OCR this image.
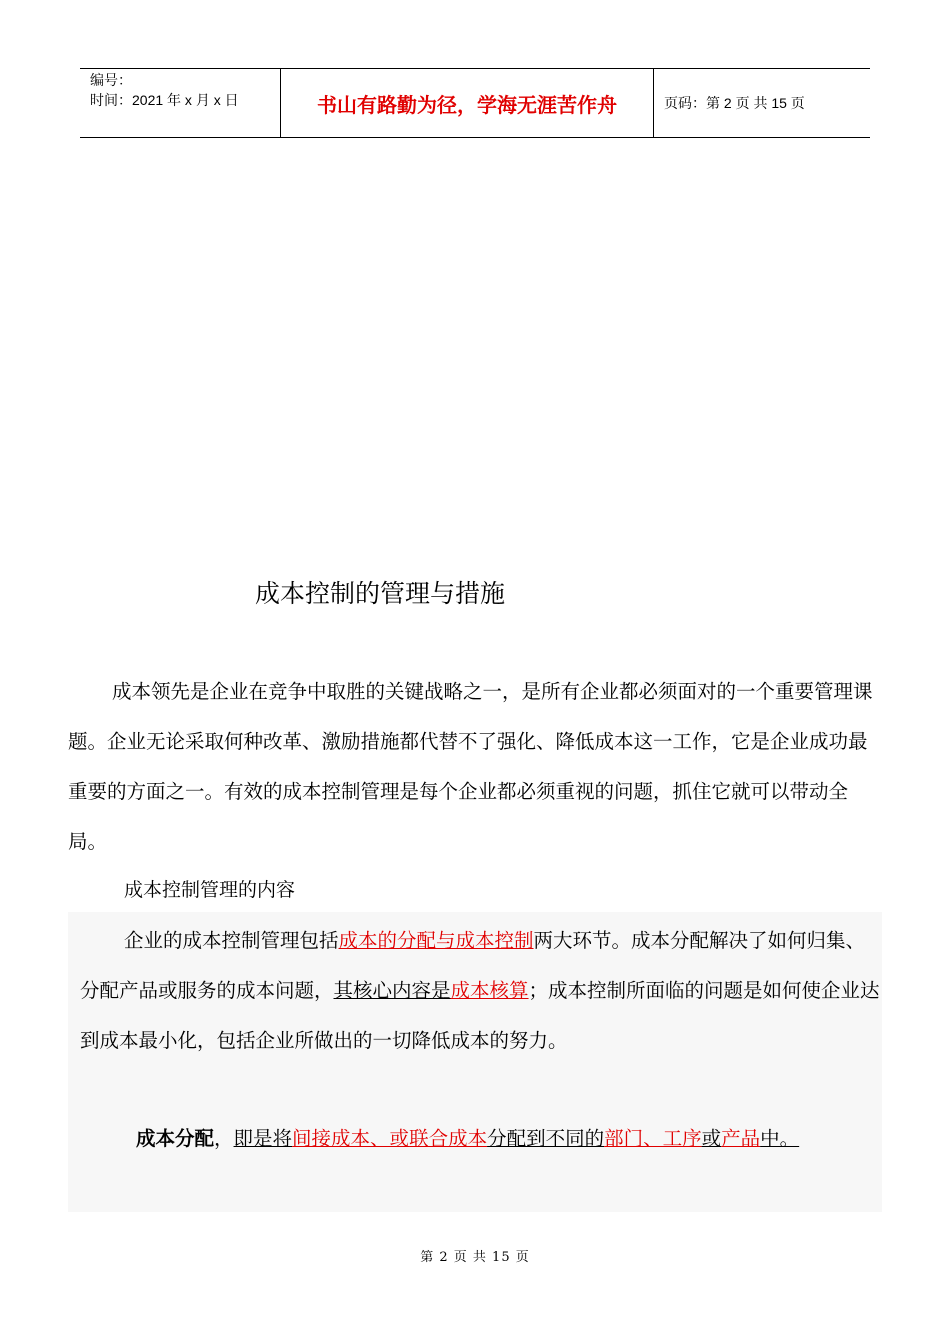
编号：
时间：2021 年 x 月 x 日	书山有路勤为径，学海无涯苦作舟	页码：第 2 页 共 15 页
成本控制的管理与措施
成本领先是企业在竞争中取胜的关键战略之一，是所有企业都必须面对的一个重要管理课题。企业无论采取何种改革、激励措施都代替不了强化、降低成本这一工作，它是企业成功最重要的方面之一。有效的成本控制管理是每个企业都必须重视的问题，抓住它就可以带动全局。
成本控制管理的内容
企业的成本控制管理包括成本的分配与成本控制两大环节。成本分配解决了如何归集、分配产品或服务的成本问题，其核心内容是成本核算；成本控制所面临的问题是如何使企业达到成本最小化，包括企业所做出的一切降低成本的努力。
成本分配，即是将间接成本、或联合成本分配到不同的部门、工序或产品中。
第 2 页 共 15 页
